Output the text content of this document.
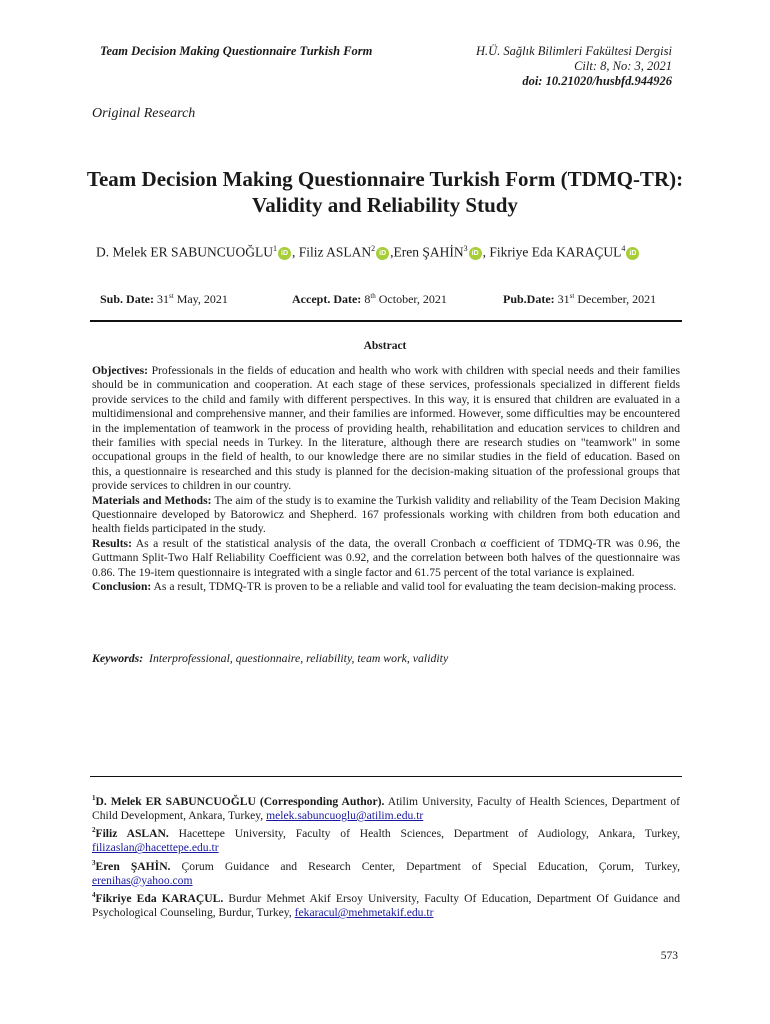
Team Decision Making Questionnaire Turkish Form	H.Ü. Sağlık Bilimleri Fakültesi Dergisi
Cilt: 8, No: 3, 2021
doi: 10.21020/husbfd.944926
Original Research
Team Decision Making Questionnaire Turkish Form (TDMQ-TR): Validity and Reliability Study
D. Melek ER SABUNCUOĞLU$^1$ iD , Filiz ASLAN$^2$ iD ,Eren ŞAHİN$^3$ iD , Fikriye Eda KARAÇUL$^4$ iD
Sub. Date: 31st May, 2021	Accept. Date: 8th October, 2021	Pub.Date: 31st December, 2021
Abstract

Objectives: Professionals in the fields of education and health who work with children with special needs and their families should be in communication and cooperation. At each stage of these services, professionals specialized in different fields provide services to the child and family with different perspectives. In this way, it is ensured that children are evaluated in a multidimensional and comprehensive manner, and their families are informed. However, some difficulties may be encountered in the implementation of teamwork in the process of providing health, rehabilitation and education services to children and their families with special needs in Turkey. In the literature, although there are research studies on "teamwork" in some occupational groups in the field of health, to our knowledge there are no similar studies in the field of education. Based on this, a questionnaire is researched and this study is planned for the decision-making situation of the professional groups that provide services to children in our country.

Materials and Methods: The aim of the study is to examine the Turkish validity and reliability of the Team Decision Making Questionnaire developed by Batorowicz and Shepherd. 167 professionals working with children from both education and health fields participated in the study.

Results: As a result of the statistical analysis of the data, the overall Cronbach α coefficient of TDMQ-TR was 0.96, the Guttmann Split-Two Half Reliability Coefficient was 0.92, and the correlation between both halves of the questionnaire was 0.86. The 19-item questionnaire is integrated with a single factor and 61.75 percent of the total variance is explained.

Conclusion: As a result, TDMQ-TR is proven to be a reliable and valid tool for evaluating the team decision-making process.

Keywords: Interprofessional, questionnaire, reliability, team work, validity

$^1$D. Melek ER SABUNCUOĞLU (Corresponding Author). Atilim University, Faculty of Health Sciences, Department of Child Development, Ankara, Turkey, melek.sabuncuoglu@atilim.edu.tr

$^2$Filiz ASLAN. Hacettepe University, Faculty of Health Sciences, Department of Audiology, Ankara, Turkey, filizaslan@hacettepe.edu.tr

$^3$Eren ŞAHİN. Çorum Guidance and Research Center, Department of Special Education, Çorum, Turkey, erenihas@yahoo.com

$^4$Fikriye Eda KARAÇUL. Burdur Mehmet Akif Ersoy University, Faculty Of Education, Department Of Guidance and Psychological Counseling, Burdur, Turkey, fekaracul@mehmetakif.edu.tr

573
